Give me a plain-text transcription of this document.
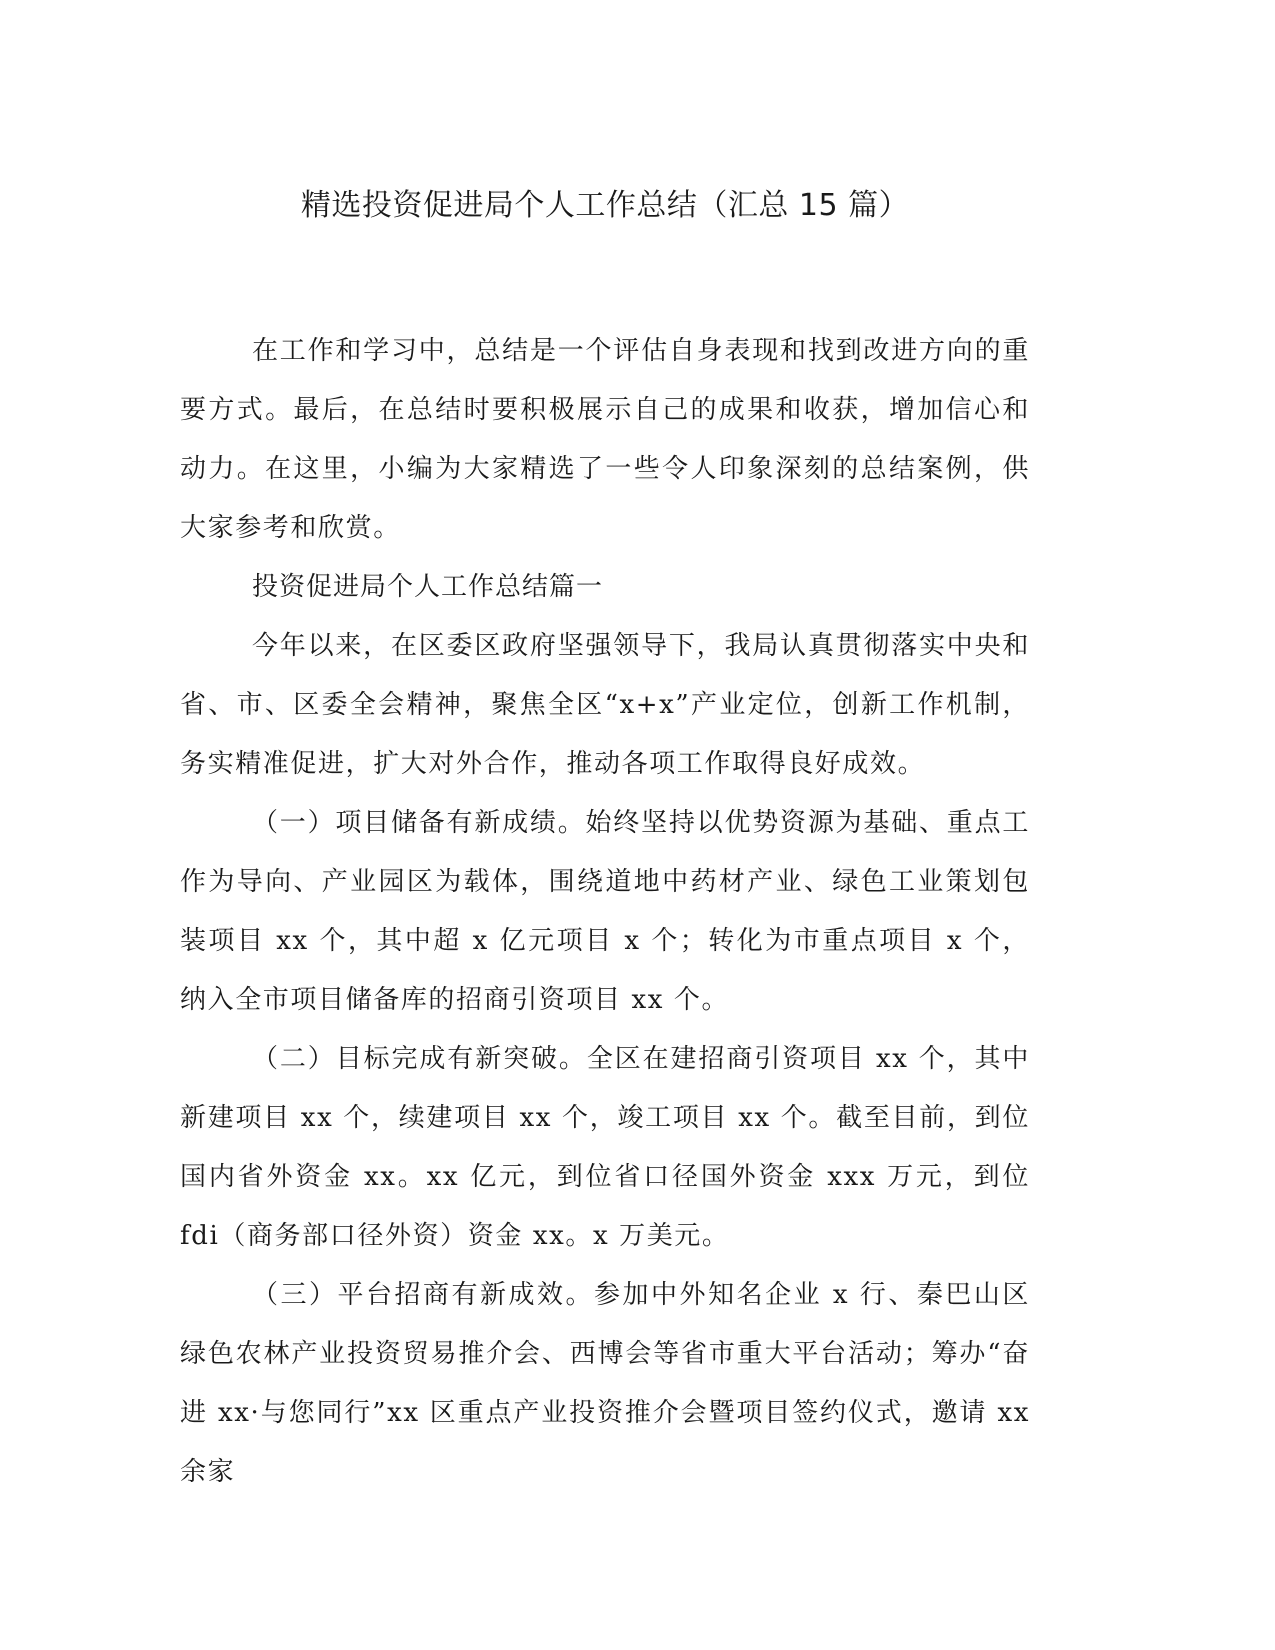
精选投资促进局个人工作总结（汇总 15 篇）

在工作和学习中，总结是一个评估自身表现和找到改进方向的重要方式。最后，在总结时要积极展示自己的成果和收获，增加信心和动力。在这里，小编为大家精选了一些令人印象深刻的总结案例，供大家参考和欣赏。

投资促进局个人工作总结篇一

今年以来，在区委区政府坚强领导下，我局认真贯彻落实中央和省、市、区委全会精神，聚焦全区“x+x”产业定位，创新工作机制，务实精准促进，扩大对外合作，推动各项工作取得良好成效。

（一）项目储备有新成绩。始终坚持以优势资源为基础、重点工作为导向、产业园区为载体，围绕道地中药材产业、绿色工业策划包装项目 xx 个，其中超 x 亿元项目 x 个；转化为市重点项目 x 个，纳入全市项目储备库的招商引资项目 xx 个。

（二）目标完成有新突破。全区在建招商引资项目 xx 个，其中新建项目 xx 个，续建项目 xx 个，竣工项目 xx 个。截至目前，到位国内省外资金 xx。xx 亿元，到位省口径国外资金 xxx 万元，到位 fdi（商务部口径外资）资金 xx。x 万美元。

（三）平台招商有新成效。参加中外知名企业 x 行、秦巴山区绿色农林产业投资贸易推介会、西博会等省市重大平台活动；筹办“奋进 xx·与您同行”xx 区重点产业投资推介会暨项目签约仪式，邀请 xx 余家
